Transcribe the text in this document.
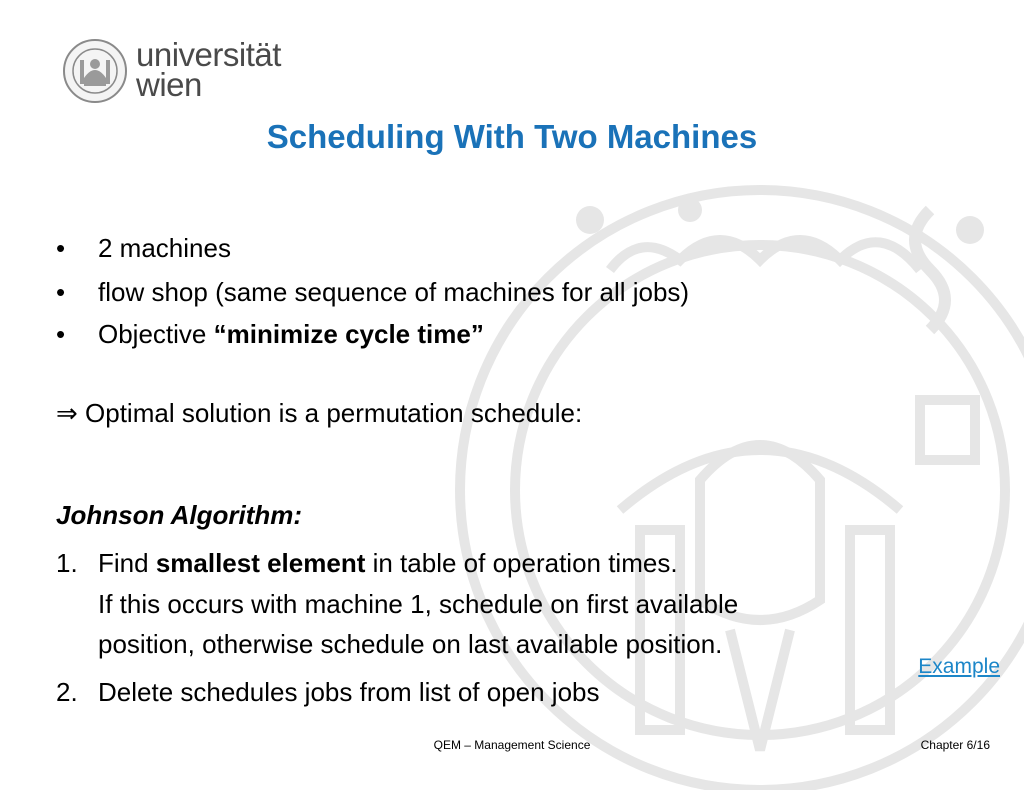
universität
wien
Scheduling With Two Machines
• 2 machines
• flow shop (same sequence of machines for all jobs)
• Objective “minimize cycle time”
⇒ Optimal solution is a permutation schedule:
Johnson Algorithm:
1. Find smallest element in table of operation times.
If this occurs with machine 1, schedule on first available
position, otherwise schedule on last available position.
2. Delete schedules jobs from list of open jobs
Example
QEM – Management Science	Chapter 6/16
